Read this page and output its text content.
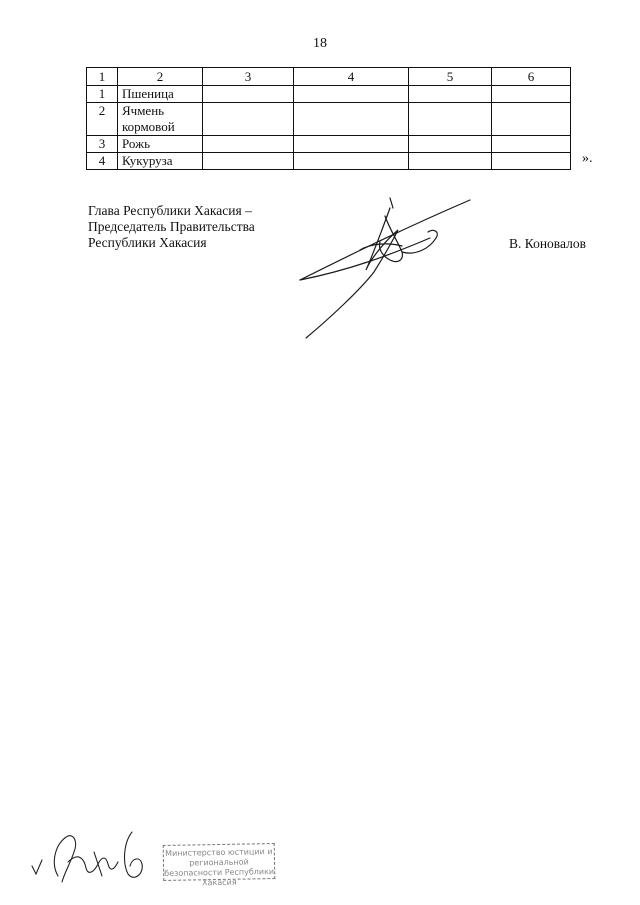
18
1	2	3	4	5	6
1	Пшеница				
2	Ячмень кормовой				
3	Рожь				
4	Кукуруза					».
Глава Республики Хакасия –
Председатель Правительства
Республики Хакасия	В. Коновалов
Министерство юстиции и региональной безопасности Республики Хакасия
